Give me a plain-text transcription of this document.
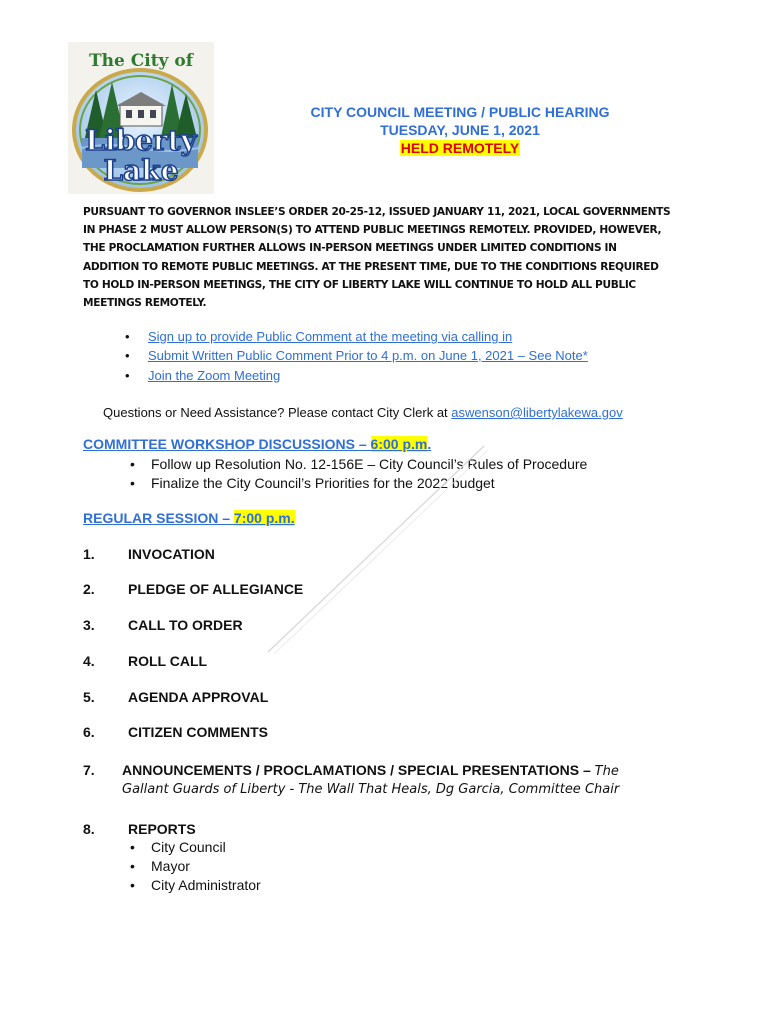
The City of
Liberty
Lake
CITY COUNCIL MEETING / PUBLIC HEARING
TUESDAY, JUNE 1, 2021
HELD REMOTELY
PURSUANT TO GOVERNOR INSLEE’S ORDER 20-25-12, ISSUED JANUARY 11, 2021, LOCAL GOVERNMENTS
IN PHASE 2 MUST ALLOW PERSON(S) TO ATTEND PUBLIC MEETINGS REMOTELY. PROVIDED, HOWEVER,
THE PROCLAMATION FURTHER ALLOWS IN-PERSON MEETINGS UNDER LIMITED CONDITIONS IN
ADDITION TO REMOTE PUBLIC MEETINGS. AT THE PRESENT TIME, DUE TO THE CONDITIONS REQUIRED
TO HOLD IN-PERSON MEETINGS, THE CITY OF LIBERTY LAKE WILL CONTINUE TO HOLD ALL PUBLIC
MEETINGS REMOTELY.
• Sign up to provide Public Comment at the meeting via calling in
• Submit Written Public Comment Prior to 4 p.m. on June 1, 2021 – See Note*
• Join the Zoom Meeting
Questions or Need Assistance? Please contact City Clerk at aswenson@libertylakewa.gov
COMMITTEE WORKSHOP DISCUSSIONS – 6:00 p.m.
• Follow up Resolution No. 12-156E – City Council’s Rules of Procedure
• Finalize the City Council’s Priorities for the 2022 budget
REGULAR SESSION – 7:00 p.m.
1. INVOCATION
2. PLEDGE OF ALLEGIANCE
3. CALL TO ORDER
4. ROLL CALL
5. AGENDA APPROVAL
6. CITIZEN COMMENTS
7. ANNOUNCEMENTS / PROCLAMATIONS / SPECIAL PRESENTATIONS – The
Gallant Guards of Liberty - The Wall That Heals, Dg Garcia, Committee Chair
8. REPORTS
• City Council
• Mayor
• City Administrator
